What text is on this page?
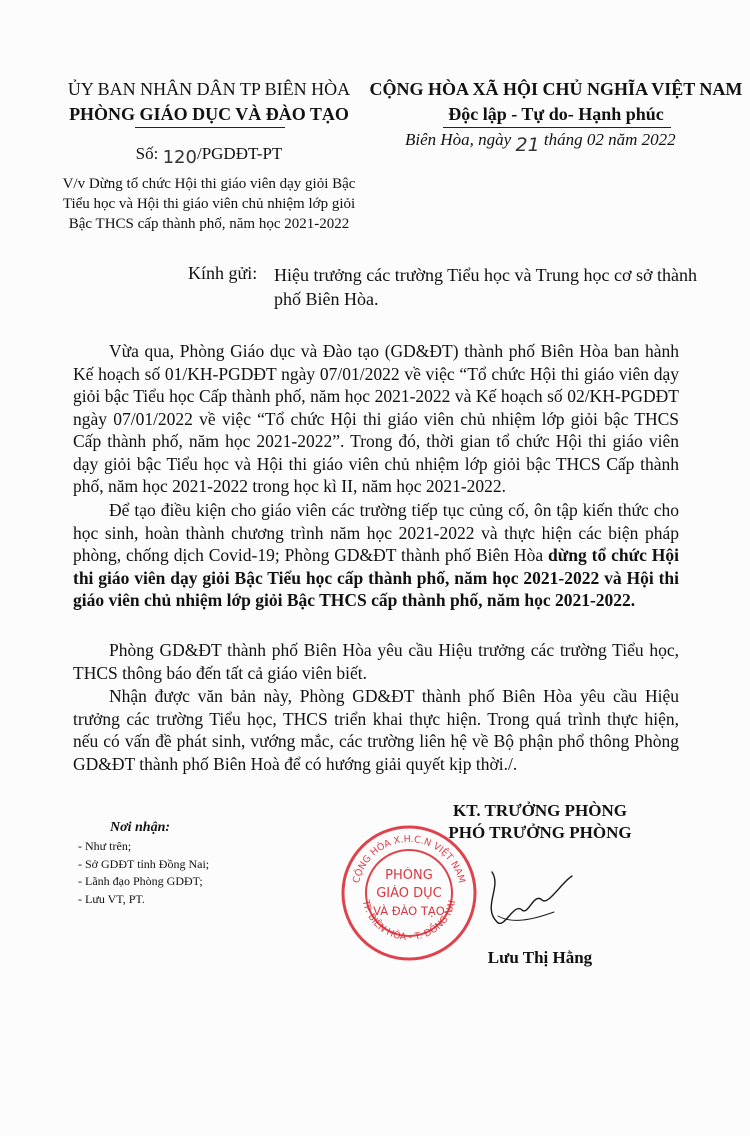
ỦY BAN NHÂN DÂN TP BIÊN HÒA
PHÒNG GIÁO DỤC VÀ ĐÀO TẠO
CỘNG HÒA XÃ HỘI CHỦ NGHĨA VIỆT NAM
Độc lập - Tự do- Hạnh phúc
Biên Hòa, ngày 21 tháng 02 năm 2022
Số: 120/PGDĐT-PT
V/v Dừng tổ chức Hội thi giáo viên dạy giỏi Bậc Tiểu học và Hội thi giáo viên chủ nhiệm lớp giỏi Bậc THCS cấp thành phố, năm học 2021-2022
Kính gửi: Hiệu trưởng các trường Tiểu học và Trung học cơ sở thành phố Biên Hòa.

Vừa qua, Phòng Giáo dục và Đào tạo (GD&ĐT) thành phố Biên Hòa ban hành Kế hoạch số 01/KH-PGDĐT ngày 07/01/2022 về việc “Tổ chức Hội thi giáo viên dạy giỏi bậc Tiểu học Cấp thành phố, năm học 2021-2022 và Kế hoạch số 02/KH-PGDĐT ngày 07/01/2022 về việc “Tổ chức Hội thi giáo viên chủ nhiệm lớp giỏi bậc THCS Cấp thành phố, năm học 2021-2022”. Trong đó, thời gian tổ chức Hội thi giáo viên dạy giỏi bậc Tiểu học và Hội thi giáo viên chủ nhiệm lớp giỏi bậc THCS Cấp thành phố, năm học 2021-2022 trong học kì II, năm học 2021-2022.

Để tạo điều kiện cho giáo viên các trường tiếp tục củng cố, ôn tập kiến thức cho học sinh, hoàn thành chương trình năm học 2021-2022 và thực hiện các biện pháp phòng, chống dịch Covid-19; Phòng GD&ĐT thành phố Biên Hòa dừng tổ chức Hội thi giáo viên dạy giỏi Bậc Tiểu học cấp thành phố, năm học 2021-2022 và Hội thi giáo viên chủ nhiệm lớp giỏi Bậc THCS cấp thành phố, năm học 2021-2022.

Phòng GD&ĐT thành phố Biên Hòa yêu cầu Hiệu trưởng các trường Tiểu học, THCS thông báo đến tất cả giáo viên biết.

Nhận được văn bản này, Phòng GD&ĐT thành phố Biên Hòa yêu cầu Hiệu trưởng các trường Tiểu học, THCS triển khai thực hiện. Trong quá trình thực hiện, nếu có vấn đề phát sinh, vướng mắc, các trường liên hệ về Bộ phận phổ thông Phòng GD&ĐT thành phố Biên Hoà để có hướng giải quyết kịp thời./.

Nơi nhận:
- Như trên;
- Sở GDĐT tỉnh Đồng Nai;
- Lãnh đạo Phòng GDĐT;
- Lưu VT, PT.
KT. TRƯỞNG PHÒNG
PHÓ TRƯỞNG PHÒNG
CỘNG HÒA X.H.C.N VIỆT NAM
TP. BIÊN HÒA - T. ĐỒNG NAI
PHÒNG
GIÁO DỤC
VÀ ĐÀO TẠO
Lưu Thị Hằng
